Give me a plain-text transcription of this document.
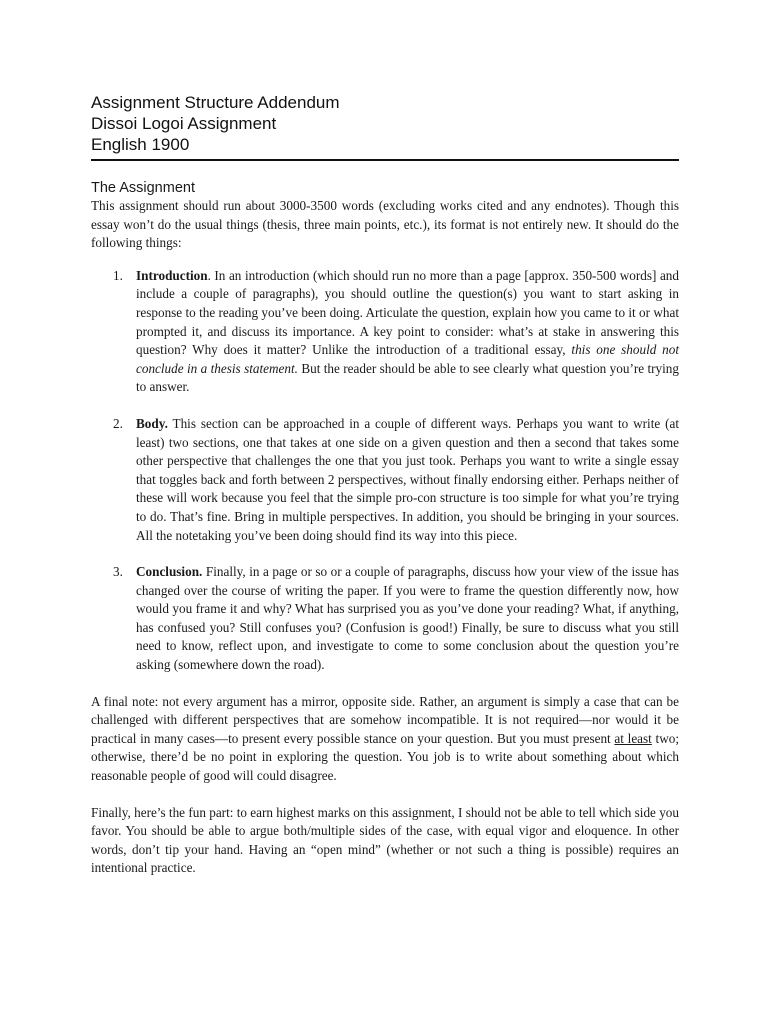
Assignment Structure Addendum
Dissoi Logoi Assignment
English 1900
The Assignment

This assignment should run about 3000-3500 words (excluding works cited and any endnotes). Though this essay won’t do the usual things (thesis, three main points, etc.), its format is not entirely new. It should do the following things:

1. Introduction. In an introduction (which should run no more than a page [approx. 350-500 words] and include a couple of paragraphs), you should outline the question(s) you want to start asking in response to the reading you’ve been doing. Articulate the question, explain how you came to it or what prompted it, and discuss its importance. A key point to consider: what’s at stake in answering this question? Why does it matter? Unlike the introduction of a traditional essay, this one should not conclude in a thesis statement. But the reader should be able to see clearly what question you’re trying to answer.

2. Body. This section can be approached in a couple of different ways. Perhaps you want to write (at least) two sections, one that takes at one side on a given question and then a second that takes some other perspective that challenges the one that you just took. Perhaps you want to write a single essay that toggles back and forth between 2 perspectives, without finally endorsing either. Perhaps neither of these will work because you feel that the simple pro-con structure is too simple for what you’re trying to do. That’s fine. Bring in multiple perspectives. In addition, you should be bringing in your sources. All the notetaking you’ve been doing should find its way into this piece.

3. Conclusion. Finally, in a page or so or a couple of paragraphs, discuss how your view of the issue has changed over the course of writing the paper. If you were to frame the question differently now, how would you frame it and why? What has surprised you as you’ve done your reading? What, if anything, has confused you? Still confuses you? (Confusion is good!) Finally, be sure to discuss what you still need to know, reflect upon, and investigate to come to some conclusion about the question you’re asking (somewhere down the road).

A final note: not every argument has a mirror, opposite side. Rather, an argument is simply a case that can be challenged with different perspectives that are somehow incompatible. It is not required—nor would it be practical in many cases—to present every possible stance on your question. But you must present at least two; otherwise, there’d be no point in exploring the question. You job is to write about something about which reasonable people of good will could disagree.

Finally, here’s the fun part: to earn highest marks on this assignment, I should not be able to tell which side you favor. You should be able to argue both/multiple sides of the case, with equal vigor and eloquence. In other words, don’t tip your hand. Having an “open mind” (whether or not such a thing is possible) requires an intentional practice.
